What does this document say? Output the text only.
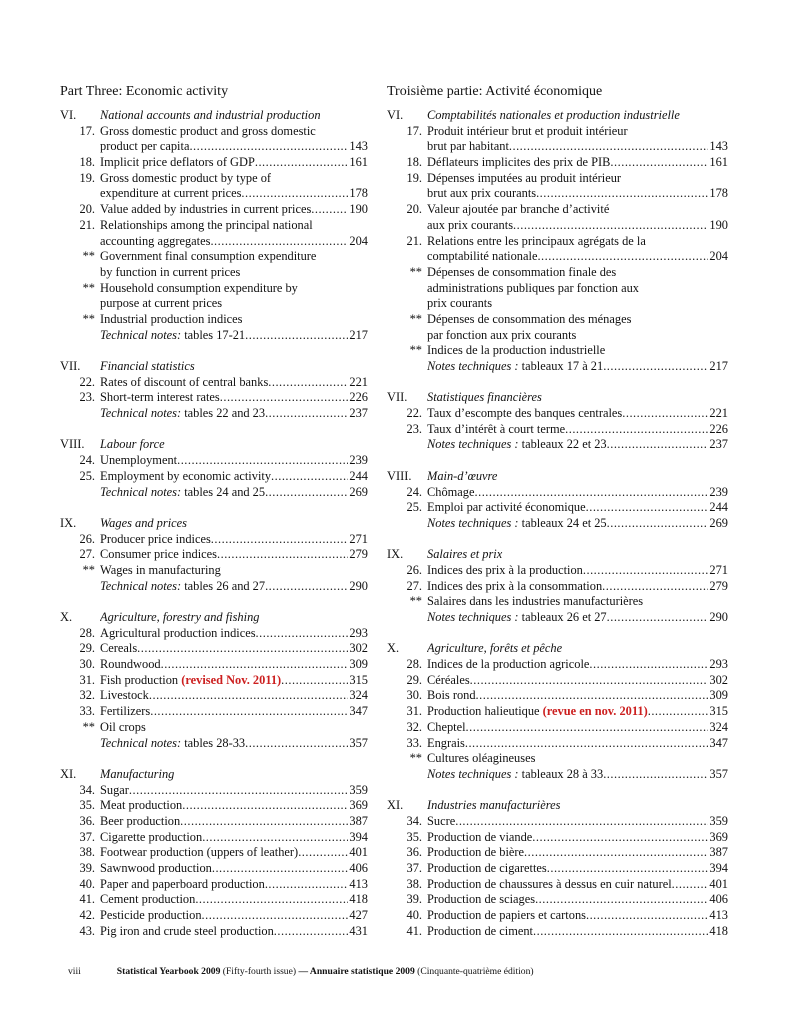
Part Three: Economic activity
VI. National accounts and industrial production
17. Gross domestic product and gross domestic
product per capita .....	143
18. Implicit price deflators of GDP .....	161
19. Gross domestic product by type of
expenditure at current prices .....	178
20. Value added by industries in current prices .....	190
21. Relationships among the principal national
accounting aggregates .....	204
** Government final consumption expenditure
by function in current prices
** Household consumption expenditure by
purpose at current prices
** Industrial production indices
Technical notes: tables 17-21 .....	217
VII. Financial statistics
22. Rates of discount of central banks .....	221
23. Short-term interest rates .....	226
Technical notes: tables 22 and 23 .....	237
VIII. Labour force
24. Unemployment .....	239
25. Employment by economic activity .....	244
Technical notes: tables 24 and 25 .....	269
IX. Wages and prices
26. Producer price indices .....	271
27. Consumer price indices .....	279
** Wages in manufacturing
Technical notes: tables 26 and 27 .....	290
X. Agriculture, forestry and fishing
28. Agricultural production indices .....	293
29. Cereals .....	302
30. Roundwood .....	309
31. Fish production (revised Nov. 2011) .....	315
32. Livestock .....	324
33. Fertilizers .....	347
** Oil crops
Technical notes: tables 28-33 .....	357
XI. Manufacturing
34. Sugar .....	359
35. Meat production .....	369
36. Beer production .....	387
37. Cigarette production .....	394
38. Footwear production (uppers of leather) .....	401
39. Sawnwood production .....	406
40. Paper and paperboard production .....	413
41. Cement production .....	418
42. Pesticide production .....	427
43. Pig iron and crude steel production .....	431
Troisième partie: Activité économique
VI. Comptabilités nationales et production industrielle
17. Produit intérieur brut et produit intérieur
brut par habitant .....	143
18. Déflateurs implicites des prix de PIB .....	161
19. Dépenses imputées au produit intérieur
brut aux prix courants .....	178
20. Valeur ajoutée par branche d’activité
aux prix courants .....	190
21. Relations entre les principaux agrégats de la
comptabilité nationale .....	204
** Dépenses de consommation finale des
administrations publiques par fonction aux
prix courants
** Dépenses de consommation des ménages
par fonction aux prix courants
** Indices de la production industrielle
Notes techniques : tableaux 17 à 21 .....	217
VII. Statistiques financières
22. Taux d’escompte des banques centrales .....	221
23. Taux d’intérêt à court terme .....	226
Notes techniques : tableaux 22 et 23 .....	237
VIII. Main-d’œuvre
24. Chômage .....	239
25. Emploi par activité économique .....	244
Notes techniques : tableaux 24 et 25 .....	269
IX. Salaires et prix
26. Indices des prix à la production .....	271
27. Indices des prix à la consommation .....	279
** Salaires dans les industries manufacturières
Notes techniques : tableaux 26 et 27 .....	290
X. Agriculture, forêts et pêche
28. Indices de la production agricole .....	293
29. Céréales .....	302
30. Bois rond .....	309
31. Production halieutique (revue en nov. 2011) .....	315
32. Cheptel .....	324
33. Engrais .....	347
** Cultures oléagineuses
Notes techniques : tableaux 28 à 33 .....	357
XI. Industries manufacturières
34. Sucre .....	359
35. Production de viande .....	369
36. Production de bière .....	387
37. Production de cigarettes .....	394
38. Production de chaussures à dessus en cuir naturel .....	401
39. Production de sciages .....	406
40. Production de papiers et cartons .....	413
41. Production de ciment .....	418
viii	Statistical Yearbook 2009 (Fifty-fourth issue) — Annuaire statistique 2009 (Cinquante-quatrième édition)
